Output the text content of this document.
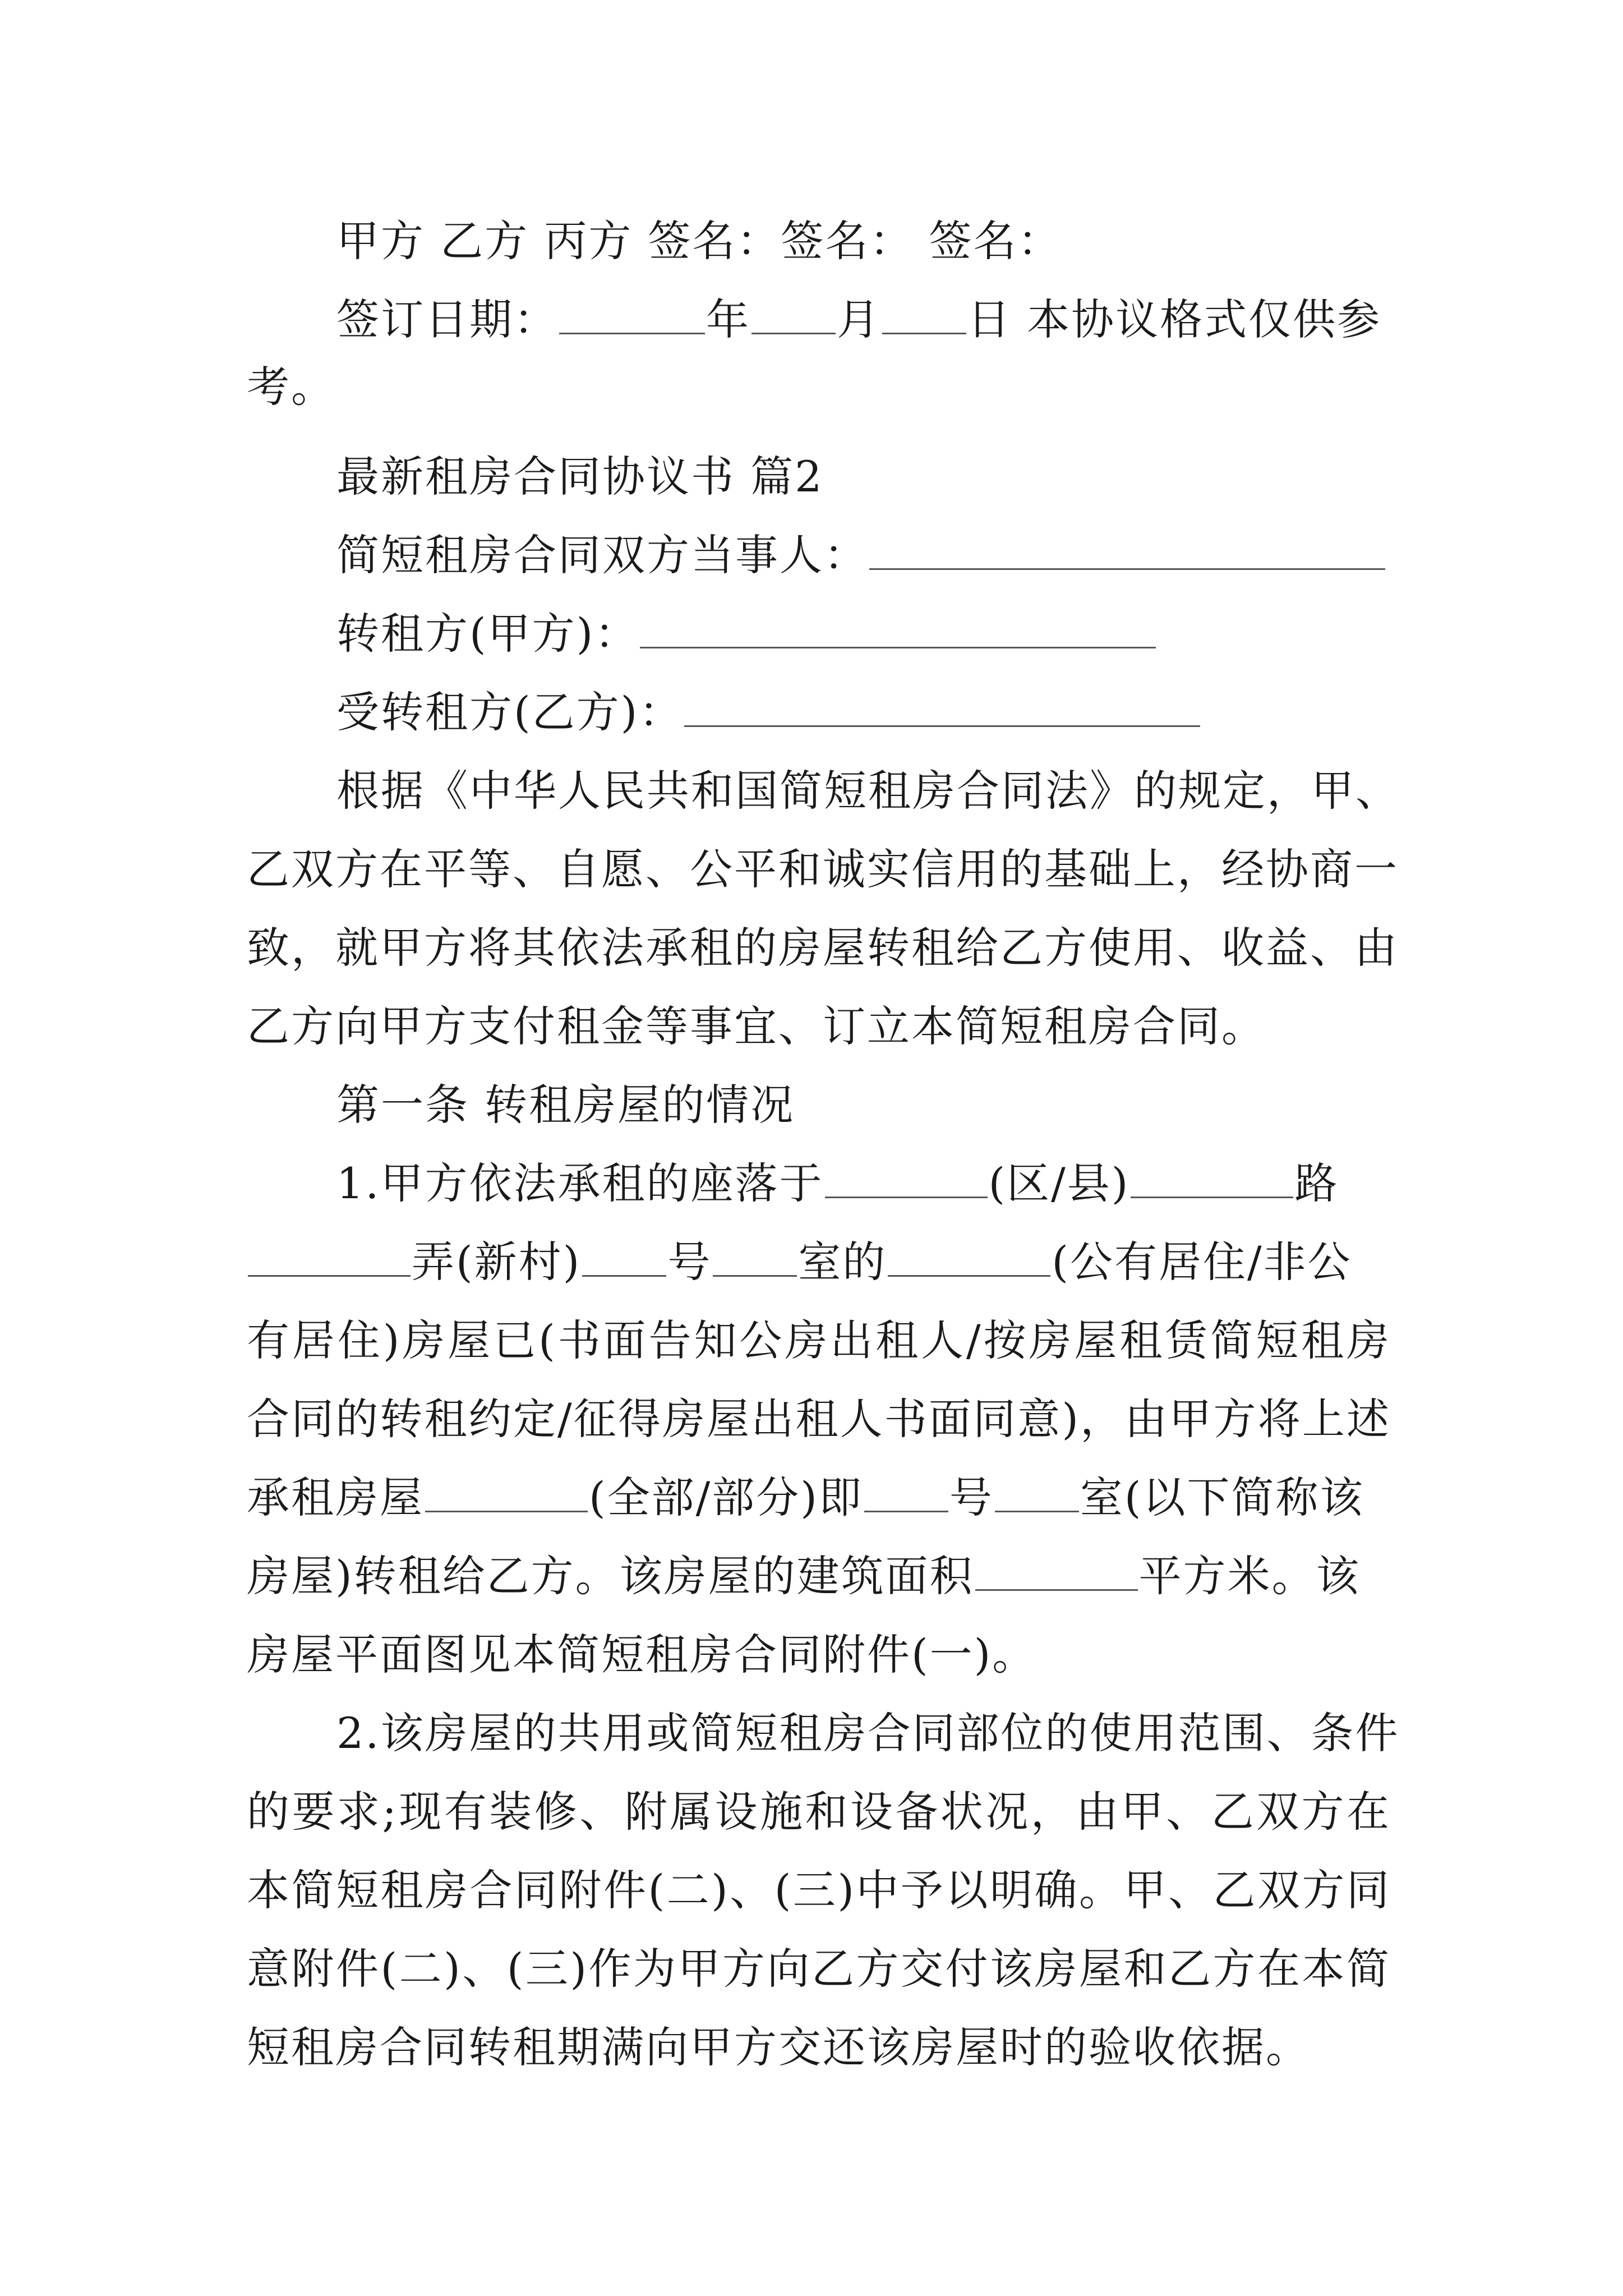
甲方 乙方 丙方 签名：签名： 签名：
签订日期：	年 月 日 本协议格式仅供参
考。
最新租房合同协议书 篇2
简短租房合同双方当事人：
转租方(甲方)：
受转租方(乙方)：
根据《中华人民共和国简短租房合同法》的规定，甲、
乙双方在平等、自愿、公平和诚实信用的基础上，经协商一
致，就甲方将其依法承租的房屋转租给乙方使用、收益、由
乙方向甲方支付租金等事宜、订立本简短租房合同。
第一条 转租房屋的情况
1.甲方依法承租的座落于	(区/县)	路
弄(新村) 号 室的	(公有居住/非公
有居住)房屋已(书面告知公房出租人/按房屋租赁简短租房
合同的转租约定/征得房屋出租人书面同意)，由甲方将上述
承租房屋	(全部/部分)即 号 室(以下简称该
房屋)转租给乙方。该房屋的建筑面积	平方米。该
房屋平面图见本简短租房合同附件(一)。
2.该房屋的共用或简短租房合同部位的使用范围、条件
的要求;现有装修、附属设施和设备状况，由甲、乙双方在
本简短租房合同附件(二)、(三)中予以明确。甲、乙双方同
意附件(二)、(三)作为甲方向乙方交付该房屋和乙方在本简
短租房合同转租期满向甲方交还该房屋时的验收依据。
